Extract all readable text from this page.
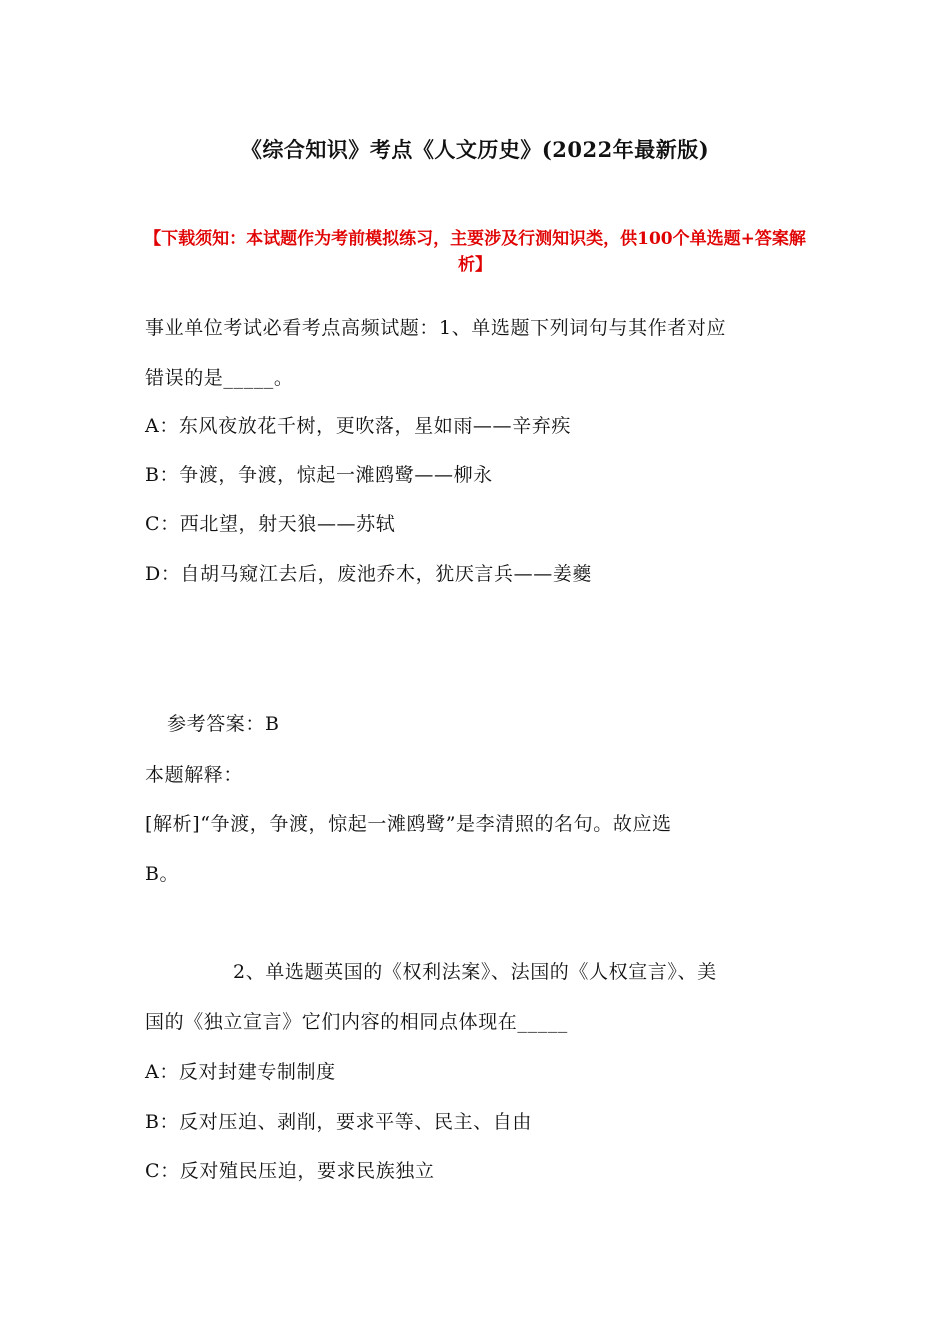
《综合知识》考点《人文历史》(2022年最新版)
【下载须知：本试题作为考前模拟练习，主要涉及行测知识类，供100个单选题+答案解析】
事业单位考试必看考点高频试题：1、单选题下列词句与其作者对应
错误的是_____。
A：东风夜放花千树，更吹落，星如雨——辛弃疾
B：争渡，争渡，惊起一滩鸥鹭——柳永
C：西北望，射天狼——苏轼
D：自胡马窥江去后，废池乔木，犹厌言兵——姜夔
参考答案：B
本题解释：
[解析]“争渡，争渡，惊起一滩鸥鹭”是李清照的名句。故应选
B。
2、单选题英国的《权利法案》、法国的《人权宣言》、美
国的《独立宣言》它们内容的相同点体现在_____
A：反对封建专制制度
B：反对压迫、剥削，要求平等、民主、自由
C：反对殖民压迫，要求民族独立
